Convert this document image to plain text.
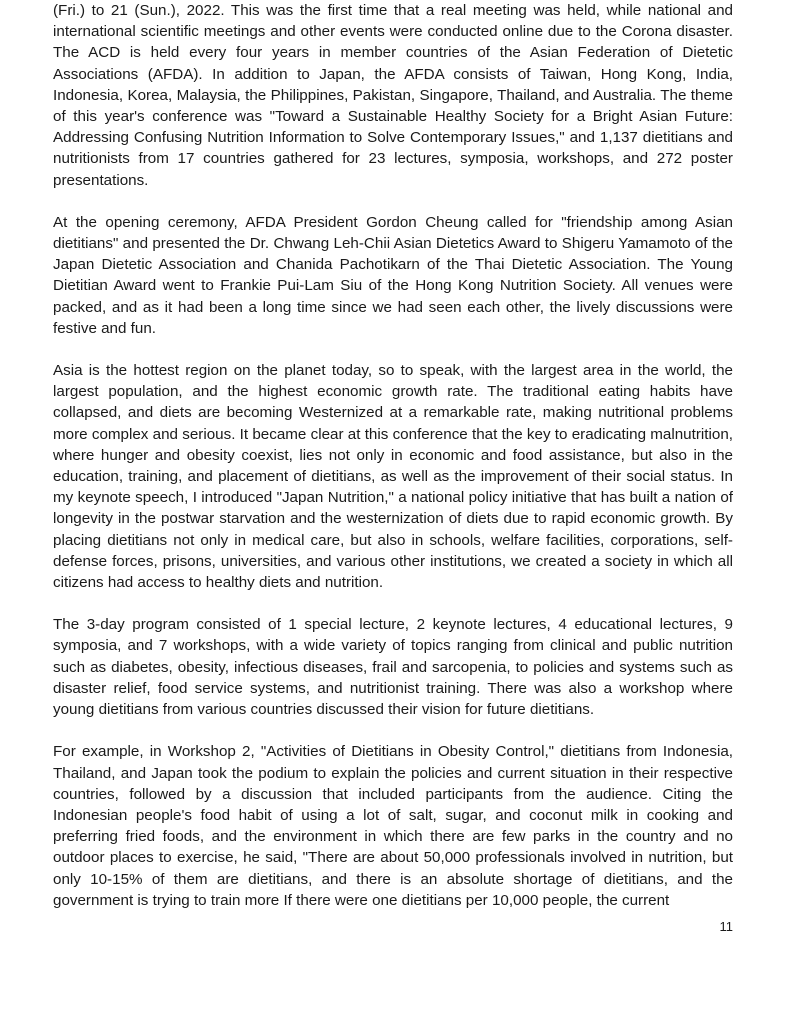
(Fri.) to 21 (Sun.), 2022. This was the first time that a real meeting was held, while national and international scientific meetings and other events were conducted online due to the Corona disaster. The ACD is held every four years in member countries of the Asian Federation of Dietetic Associations (AFDA). In addition to Japan, the AFDA consists of Taiwan, Hong Kong, India, Indonesia, Korea, Malaysia, the Philippines, Pakistan, Singapore, Thailand, and Australia. The theme of this year's conference was "Toward a Sustainable Healthy Society for a Bright Asian Future: Addressing Confusing Nutrition Information to Solve Contemporary Issues," and 1,137 dietitians and nutritionists from 17 countries gathered for 23 lectures, symposia, workshops, and 272 poster presentations.

At the opening ceremony, AFDA President Gordon Cheung called for "friendship among Asian dietitians" and presented the Dr. Chwang Leh-Chii Asian Dietetics Award to Shigeru Yamamoto of the Japan Dietetic Association and Chanida Pachotikarn of the Thai Dietetic Association. The Young Dietitian Award went to Frankie Pui-Lam Siu of the Hong Kong Nutrition Society. All venues were packed, and as it had been a long time since we had seen each other, the lively discussions were festive and fun.

Asia is the hottest region on the planet today, so to speak, with the largest area in the world, the largest population, and the highest economic growth rate. The traditional eating habits have collapsed, and diets are becoming Westernized at a remarkable rate, making nutritional problems more complex and serious. It became clear at this conference that the key to eradicating malnutrition, where hunger and obesity coexist, lies not only in economic and food assistance, but also in the education, training, and placement of dietitians, as well as the improvement of their social status. In my keynote speech, I introduced "Japan Nutrition," a national policy initiative that has built a nation of longevity in the postwar starvation and the westernization of diets due to rapid economic growth. By placing dietitians not only in medical care, but also in schools, welfare facilities, corporations, self-defense forces, prisons, universities, and various other institutions, we created a society in which all citizens had access to healthy diets and nutrition.

The 3-day program consisted of 1 special lecture, 2 keynote lectures, 4 educational lectures, 9 symposia, and 7 workshops, with a wide variety of topics ranging from clinical and public nutrition such as diabetes, obesity, infectious diseases, frail and sarcopenia, to policies and systems such as disaster relief, food service systems, and nutritionist training. There was also a workshop where young dietitians from various countries discussed their vision for future dietitians.

For example, in Workshop 2, "Activities of Dietitians in Obesity Control," dietitians from Indonesia, Thailand, and Japan took the podium to explain the policies and current situation in their respective countries, followed by a discussion that included participants from the audience. Citing the Indonesian people's food habit of using a lot of salt, sugar, and coconut milk in cooking and preferring fried foods, and the environment in which there are few parks in the country and no outdoor places to exercise, he said, "There are about 50,000 professionals involved in nutrition, but only 10-15% of them are dietitians, and there is an absolute shortage of dietitians, and the government is trying to train more If there were one dietitians per 10,000 people, the current

11
